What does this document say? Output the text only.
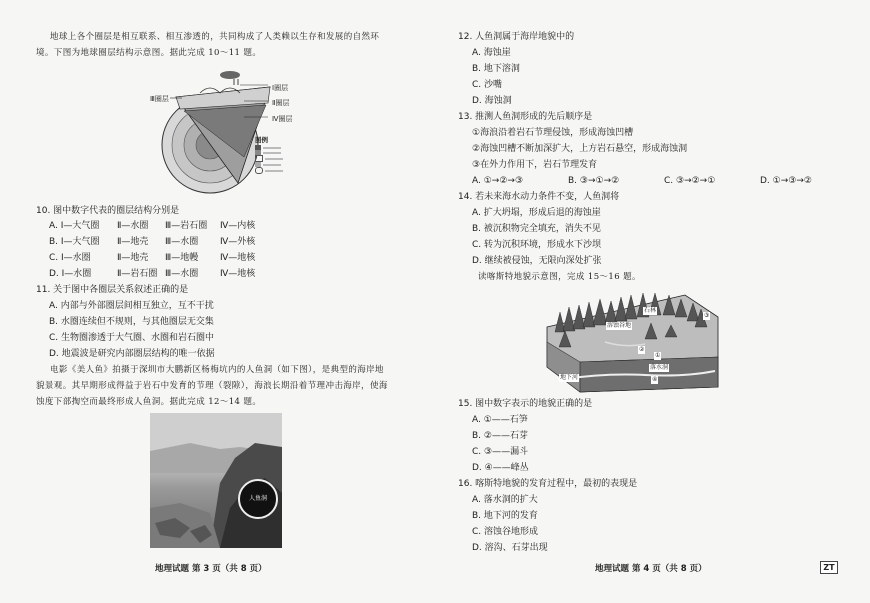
地球上各个圈层是相互联系、相互渗透的，共同构成了人类赖以生存和发展的自然环
境。下图为地球圈层结构示意图。据此完成 10～11 题。
Ⅰ圈层
Ⅱ圈层
Ⅳ圈层
Ⅲ圈层
图例
10. 图中数字代表的圈层结构分别是
A. Ⅰ—大气圈 Ⅱ—水圈 Ⅲ—岩石圈 Ⅳ—内核
B. Ⅰ—大气圈 Ⅱ—地壳 Ⅲ—水圈 Ⅳ—外核
C. Ⅰ—水圈	Ⅱ—地壳 Ⅲ—地幔 Ⅳ—地核
D. Ⅰ—水圈	Ⅱ—岩石圈 Ⅲ—水圈 Ⅳ—地核
11. 关于图中各圈层关系叙述正确的是
A. 内部与外部圈层间相互独立，互不干扰
B. 水圈连续但不规则，与其他圈层无交集
C. 生物圈渗透于大气圈、水圈和岩石圈中
D. 地震波是研究内部圈层结构的唯一依据
电影《美人鱼》拍摄于深圳市大鹏新区杨梅坑内的人鱼洞（如下图），是典型的海岸地
貌景观。其早期形成得益于岩石中发育的节理（裂隙），海浪长期沿着节理冲击海岸，使海
蚀度下部掏空而最终形成人鱼洞。据此完成 12～14 题。
人鱼洞
地理试题 第 3 页（共 8 页）
12. 人鱼洞属于海岸地貌中的
A. 海蚀崖
B. 地下溶洞
C. 沙嘴
D. 海蚀洞
13. 推测人鱼洞形成的先后顺序是
①海浪沿着岩石节理侵蚀，形成海蚀凹槽
②海蚀凹槽不断加深扩大，上方岩石悬空，形成海蚀洞
③在外力作用下，岩石节理发育
A. ①→②→③	B. ③→①→②	C. ③→②→①	D. ①→③→②
14. 若未来海水动力条件不变，人鱼洞将
A. 扩大坍塌，形成后退的海蚀崖
B. 被沉积物完全填充，消失不见
C. 转为沉积环境，形成水下沙坝
D. 继续被侵蚀，无限向深处扩张
读喀斯特地貌示意图，完成 15～16 题。
溶蚀谷地
石林
落水洞
地下河
③
①
②
④
15. 图中数字表示的地貌正确的是
A. ①——石笋
B. ②——石芽
C. ③——漏斗
D. ④——峰丛
16. 喀斯特地貌的发育过程中，最初的表现是
A. 落水洞的扩大
B. 地下河的发育
C. 溶蚀谷地形成
D. 溶沟、石芽出现
地理试题 第 4 页（共 8 页）	ZT
